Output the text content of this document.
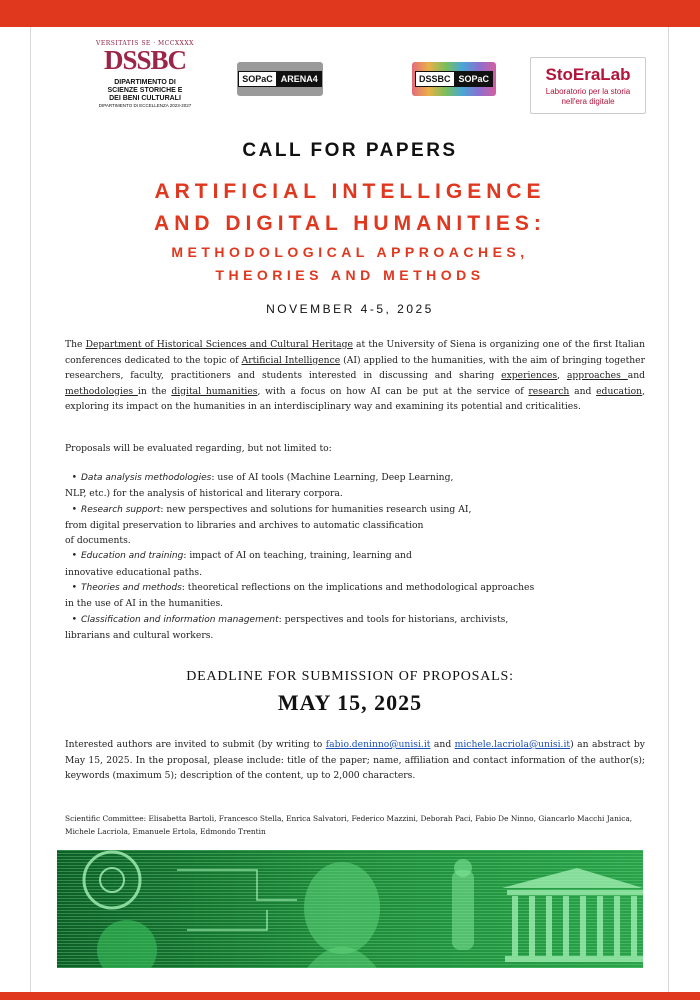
VERSITATIS SE · MCCXXXX
DSSBC
DIPARTIMENTO DI
SCIENZE STORICHE E
DEI BENI CULTURALI
DIPARTIMENTO DI ECCELLENZA 2023-2027
SOPaC ARENA4	DSSBC SOPaC	StoEraLab
Laboratorio per la storia
nell'era digitale
CALL FOR PAPERS
ARTIFICIAL INTELLIGENCE
AND DIGITAL HUMANITIES:
METHODOLOGICAL APPROACHES,
THEORIES AND METHODS
NOVEMBER 4-5, 2025
The Department of Historical Sciences and Cultural Heritage at the University of Siena is organizing one of the first Italian conferences dedicated to the topic of Artificial Intelligence (AI) applied to the humanities, with the aim of bringing together researchers, faculty, practitioners and students interested in discussing and sharing experiences, approaches and methodologies in the digital humanities, with a focus on how AI can be put at the service of research and education, exploring its impact on the humanities in an interdisciplinary way and examining its potential and criticalities.
Proposals will be evaluated regarding, but not limited to:
• Data analysis methodologies: use of AI tools (Machine Learning, Deep Learning,
NLP, etc.) for the analysis of historical and literary corpora.
• Research support: new perspectives and solutions for humanities research using AI,
from digital preservation to libraries and archives to automatic classification
of documents.
• Education and training: impact of AI on teaching, training, learning and
innovative educational paths.
• Theories and methods: theoretical reflections on the implications and methodological approaches
in the use of AI in the humanities.
• Classification and information management: perspectives and tools for historians, archivists,
librarians and cultural workers.
DEADLINE FOR SUBMISSION OF PROPOSALS:
MAY 15, 2025
Interested authors are invited to submit (by writing to fabio.deninno@unisi.it and michele.lacriola@unisi.it) an abstract by May 15, 2025. In the proposal, please include: title of the paper; name, affiliation and contact information of the author(s); keywords (maximum 5); description of the content, up to 2,000 characters.
Scientific Committee: Elisabetta Bartoli, Francesco Stella, Enrica Salvatori, Federico Mazzini, Deborah Paci, Fabio De Ninno, Giancarlo Macchi Janica, Michele Lacriola, Emanuele Ertola, Edmondo Trentin
